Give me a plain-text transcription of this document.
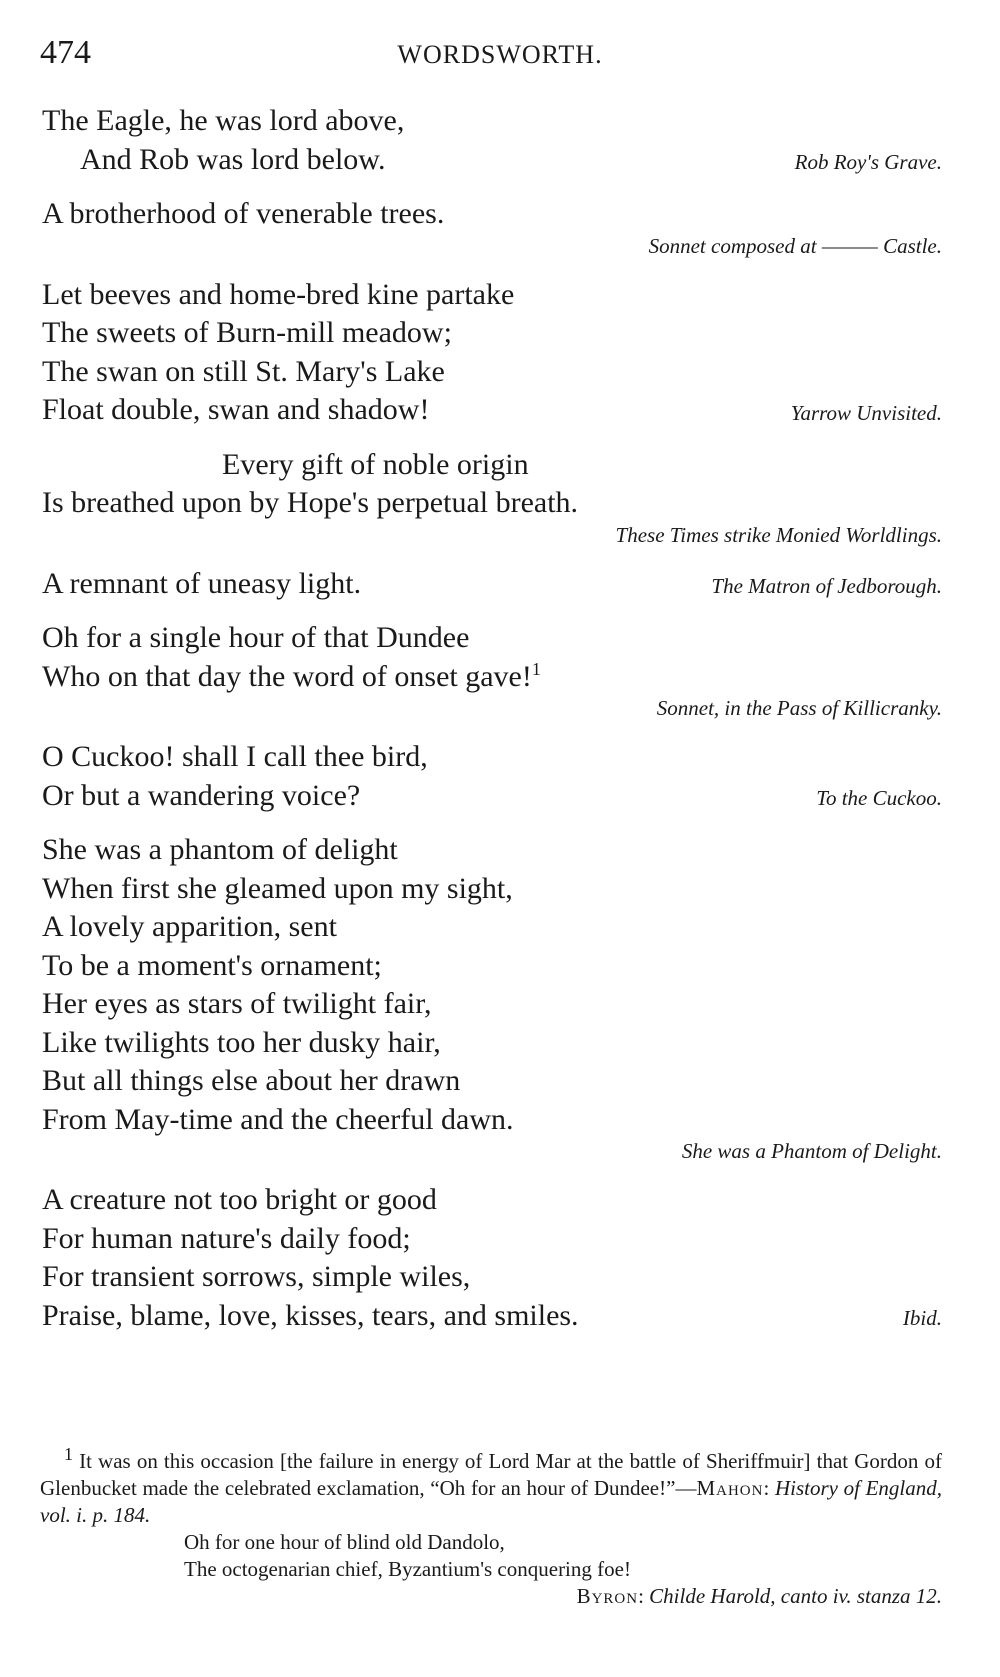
474	WORDSWORTH.
The Eagle, he was lord above,
And Rob was lord below.	Rob Roy's Grave.
A brotherhood of venerable trees.
Sonnet composed at ——— Castle.
Let beeves and home-bred kine partake
The sweets of Burn-mill meadow;
The swan on still St. Mary's Lake
Float double, swan and shadow!	Yarrow Unvisited.
Every gift of noble origin
Is breathed upon by Hope's perpetual breath.
These Times strike Monied Worldlings.
A remnant of uneasy light.	The Matron of Jedborough.
Oh for a single hour of that Dundee
Who on that day the word of onset gave!$^1$
Sonnet, in the Pass of Killicranky.
O Cuckoo! shall I call thee bird,
Or but a wandering voice?	To the Cuckoo.
She was a phantom of delight
When first she gleamed upon my sight,
A lovely apparition, sent
To be a moment's ornament;
Her eyes as stars of twilight fair,
Like twilights too her dusky hair,
But all things else about her drawn
From May-time and the cheerful dawn.
She was a Phantom of Delight.
A creature not too bright or good
For human nature's daily food;
For transient sorrows, simple wiles,
Praise, blame, love, kisses, tears, and smiles.	Ibid.
1 It was on this occasion [the failure in energy of Lord Mar at the battle of Sheriffmuir] that Gordon of Glenbucket made the celebrated exclamation, “Oh for an hour of Dundee!”—Mahon: History of England, vol. i. p. 184.
Oh for one hour of blind old Dandolo,
The octogenarian chief, Byzantium's conquering foe!
Byron: Childe Harold, canto iv. stanza 12.
